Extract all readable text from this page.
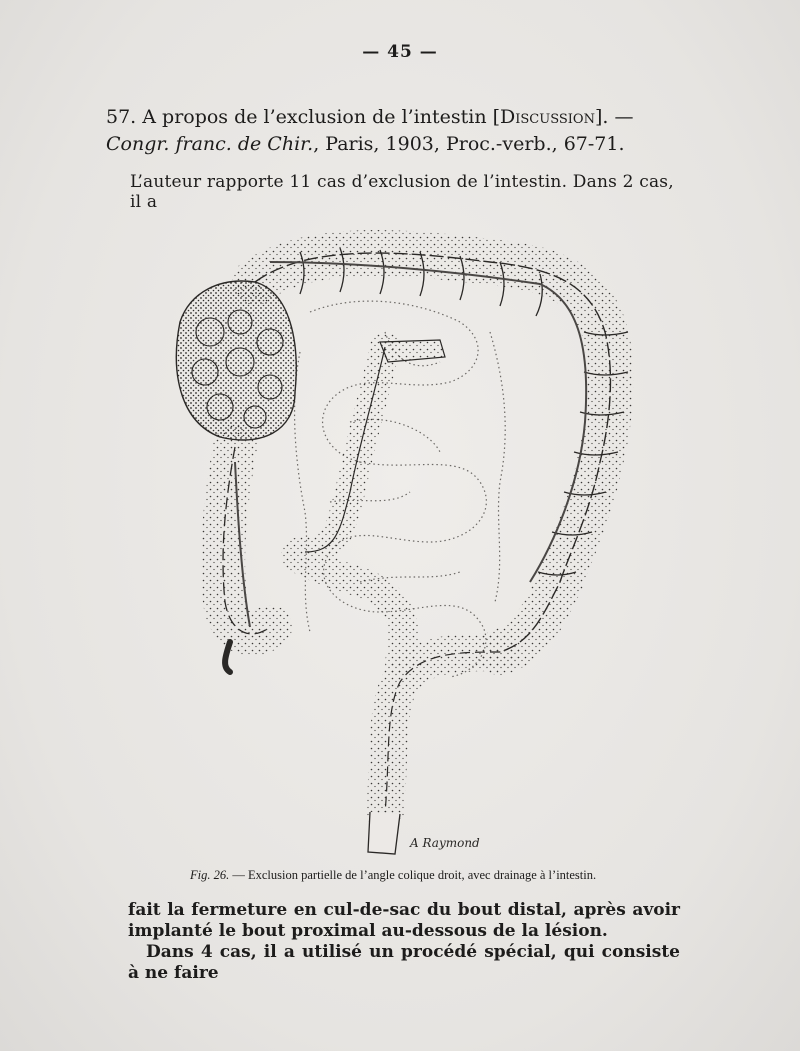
— 45 —
57. A propos de l’exclusion de l’intestin [Discussion]. — Congr. franc. de Chir., Paris, 1903, Proc.-verb., 67-71.
L’auteur rapporte 11 cas d’exclusion de l’intestin. Dans 2 cas, il a
A Raymond
Fig. 26. — Exclusion partielle de l’angle colique droit, avec drainage à l’intestin.

fait la fermeture en cul-de-sac du bout distal, après avoir implanté le bout proximal au-dessous de la lésion.

Dans 4 cas, il a utilisé un procédé spécial, qui consiste à ne faire
